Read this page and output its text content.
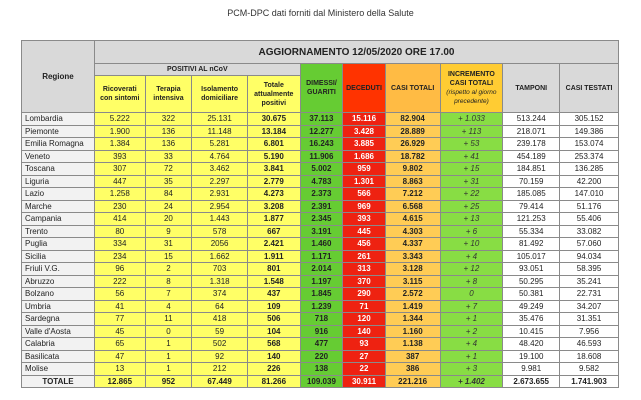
PCM-DPC dati forniti dal Ministero della Salute
Regione	AGGIORNAMENTO 12/05/2020 ORE 17.00									
	POSITIVI AL nCoV				DIMESSI/ GUARITI	DECEDUTI	CASI TOTALI	INCREMENTO CASI TOTALI
(rispetto al giorno precedente)	TAMPONI	CASI TESTATI
	Ricoverati con sintomi	Terapia intensiva	Isolamento domiciliare	Totale attualmente positivi						
Lombardia	5.222	322	25.131	30.675	37.113	15.116	82.904	+ 1.033	513.244	305.152
Piemonte	1.900	136	11.148	13.184	12.277	3.428	28.889	+ 113	218.071	149.386
Emilia Romagna	1.384	136	5.281	6.801	16.243	3.885	26.929	+ 53	239.178	153.074
Veneto	393	33	4.764	5.190	11.906	1.686	18.782	+ 41	454.189	253.374
Toscana	307	72	3.462	3.841	5.002	959	9.802	+ 15	184.851	136.285
Liguria	447	35	2.297	2.779	4.783	1.301	8.863	+ 31	70.159	42.200
Lazio	1.258	84	2.931	4.273	2.373	566	7.212	+ 22	185.085	147.010
Marche	230	24	2.954	3.208	2.391	969	6.568	+ 25	79.414	51.176
Campania	414	20	1.443	1.877	2.345	393	4.615	+ 13	121.253	55.406
Trento	80	9	578	667	3.191	445	4.303	+ 6	55.334	33.082
Puglia	334	31	2056	2.421	1.460	456	4.337	+ 10	81.492	57.060
Sicilia	234	15	1.662	1.911	1.171	261	3.343	+ 4	105.017	94.034
Friuli V.G.	96	2	703	801	2.014	313	3.128	+ 12	93.051	58.395
Abruzzo	222	8	1.318	1.548	1.197	370	3.115	+ 8	50.295	35.241
Bolzano	56	7	374	437	1.845	290	2.572	0	50.381	22.731
Umbria	41	4	64	109	1.239	71	1.419	+ 7	49.249	34.207
Sardegna	77	11	418	506	718	120	1.344	+ 1	35.476	31.351
Valle d'Aosta	45	0	59	104	916	140	1.160	+ 2	10.415	7.956
Calabria	65	1	502	568	477	93	1.138	+ 4	48.420	46.593
Basilicata	47	1	92	140	220	27	387	+ 1	19.100	18.608
Molise	13	1	212	226	138	22	386	+ 3	9.981	9.582
TOTALE	12.865	952	67.449	81.266	109.039	30.911	221.216	+ 1.402	2.673.655	1.741.903
